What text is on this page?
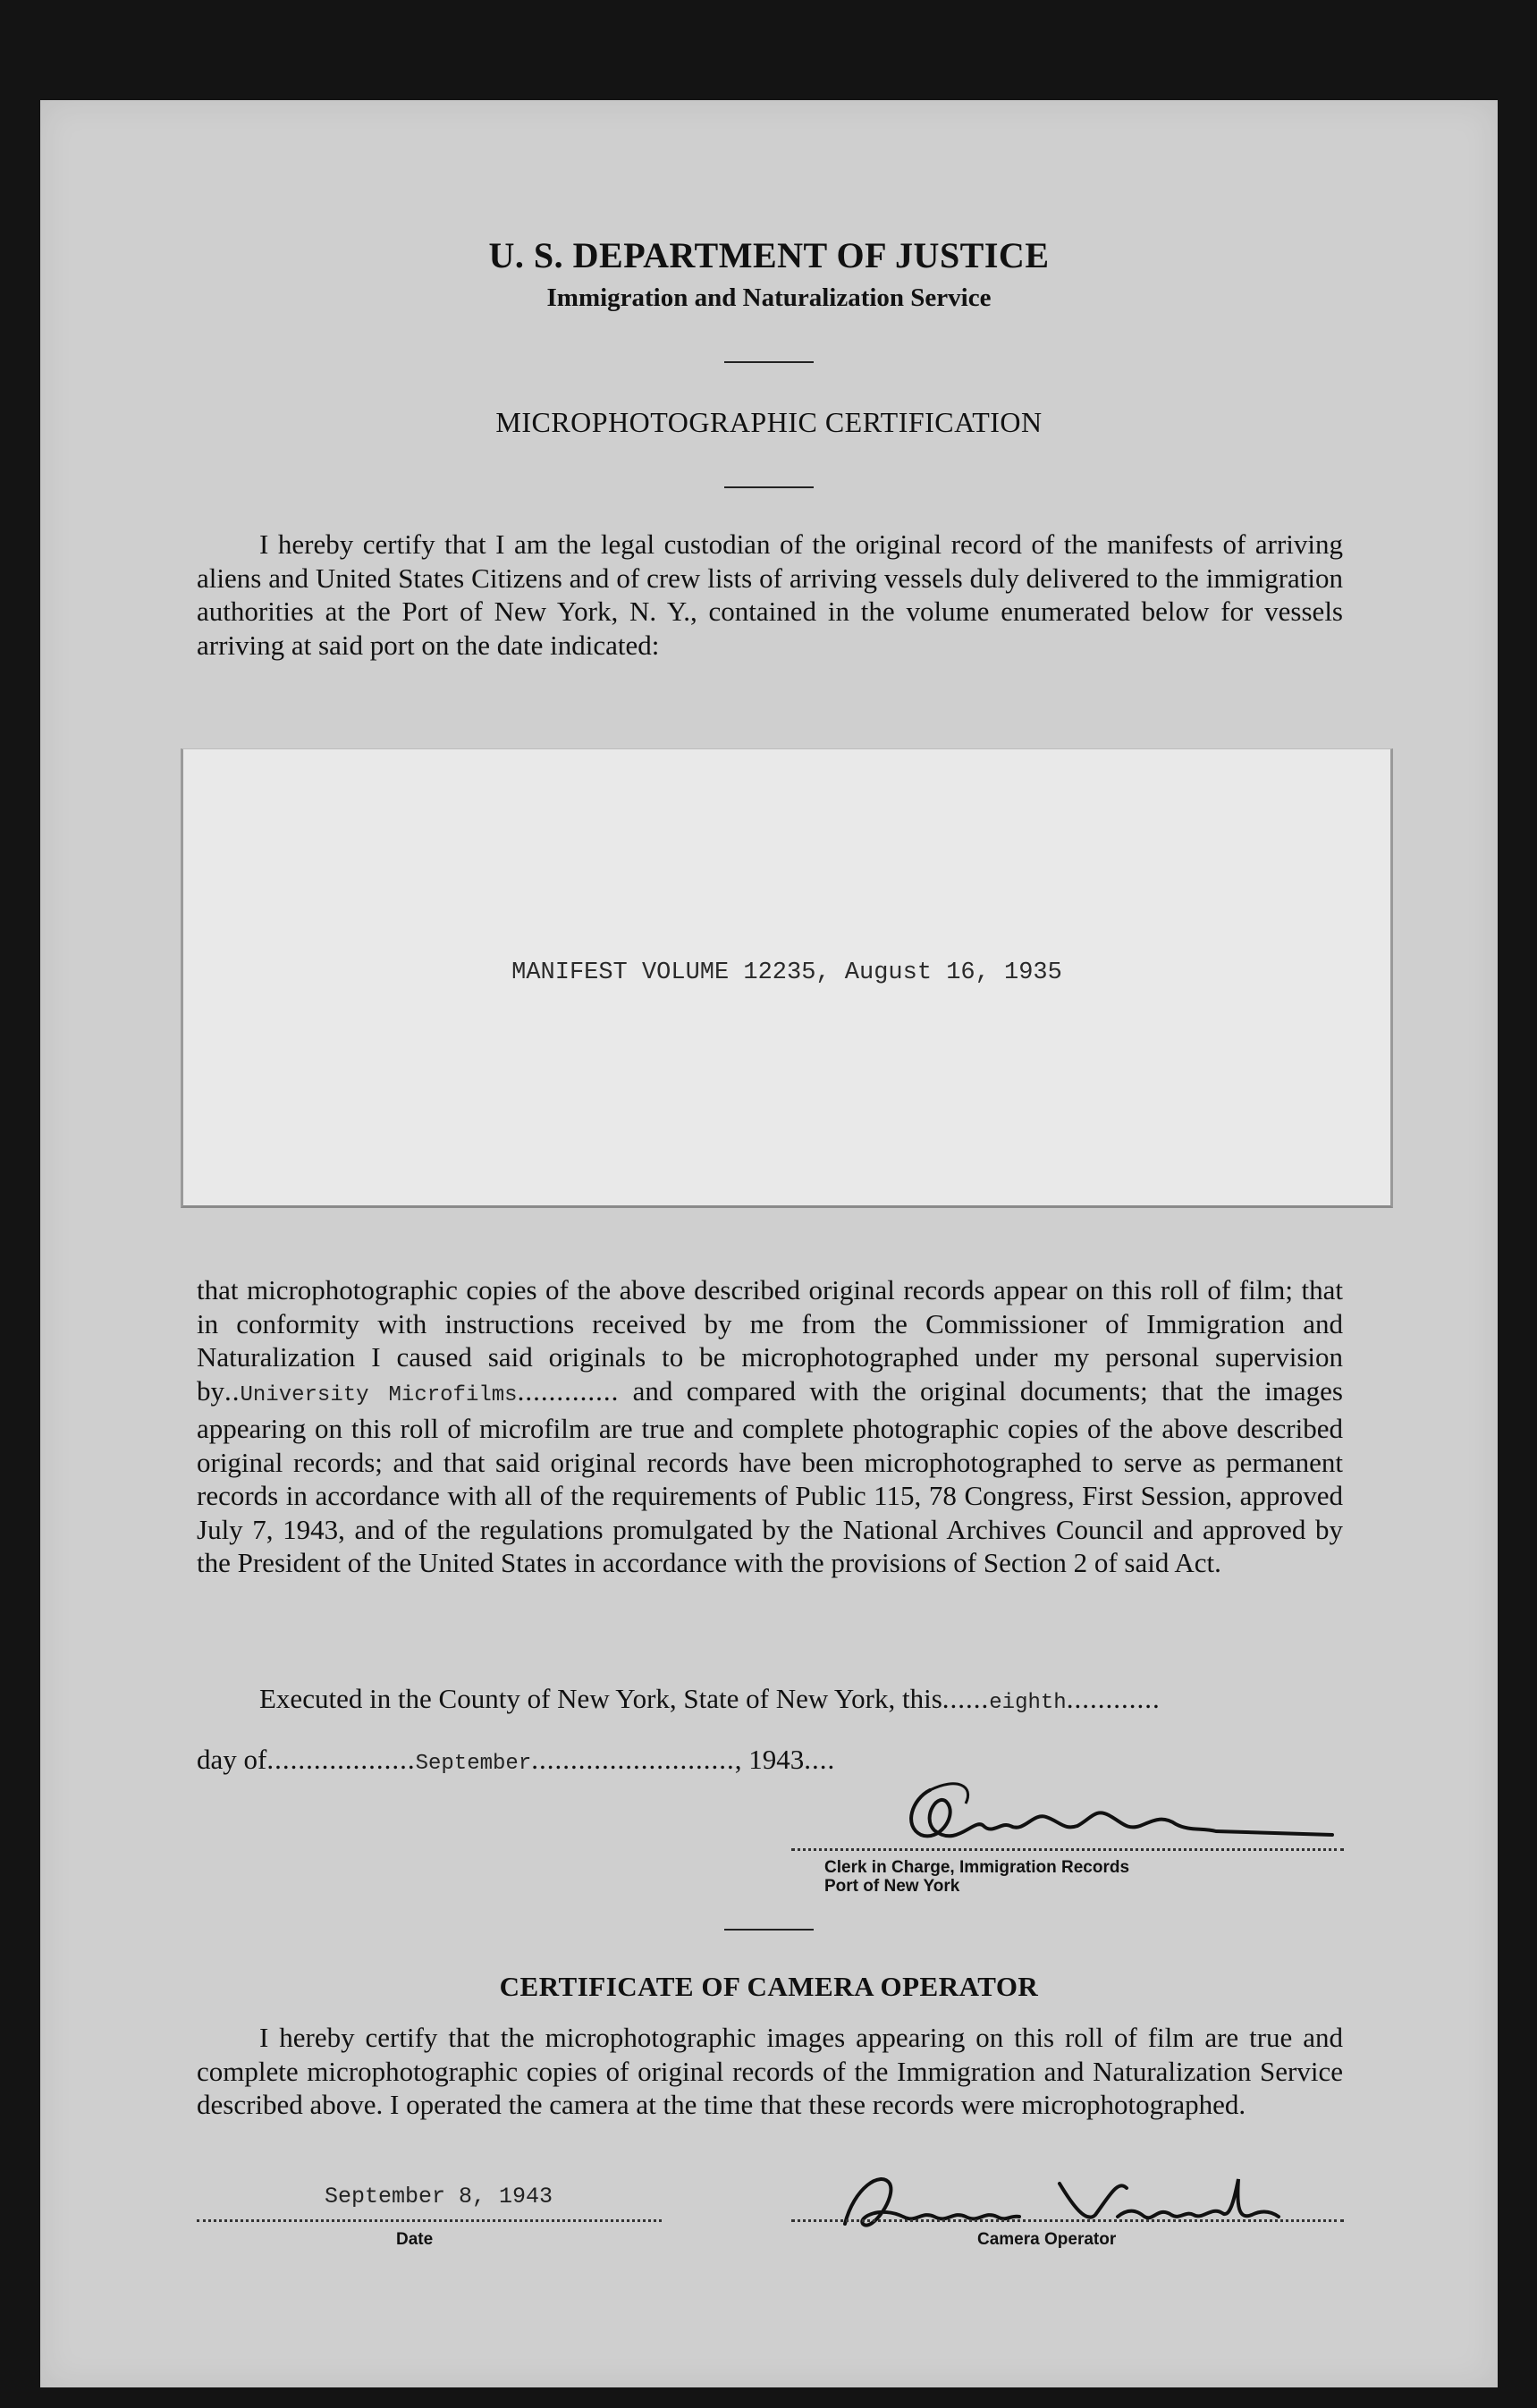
U. S. DEPARTMENT OF JUSTICE
Immigration and Naturalization Service
MICROPHOTOGRAPHIC CERTIFICATION
I hereby certify that I am the legal custodian of the original record of the manifests of arriving aliens and United States Citizens and of crew lists of arriving vessels duly delivered to the immigration authorities at the Port of New York, N. Y., contained in the volume enumerated below for vessels arriving at said port on the date indicated:
MANIFEST VOLUME 12235, August 16, 1935
that microphotographic copies of the above described original records appear on this roll of film; that in conformity with instructions received by me from the Commissioner of Immigration and Naturalization I caused said originals to be microphotographed under my personal supervision by..University Microfilms............. and compared with the original documents; that the images appearing on this roll of microfilm are true and complete photographic copies of the above described original records; and that said original records have been microphotographed to serve as permanent records in accordance with all of the requirements of Public 115, 78 Congress, First Session, approved July 7, 1943, and of the regulations promulgated by the National Archives Council and approved by the President of the United States in accordance with the provisions of Section 2 of said Act.
Executed in the County of New York, State of New York, this......eighth............
day of...................September.........................., 1943....
Clerk in Charge, Immigration Records
Port of New York
CERTIFICATE OF CAMERA OPERATOR
I hereby certify that the microphotographic images appearing on this roll of film are true and complete microphotographic copies of original records of the Immigration and Naturalization Service described above. I operated the camera at the time that these records were microphotographed.
September 8, 1943
Date	Camera Operator
